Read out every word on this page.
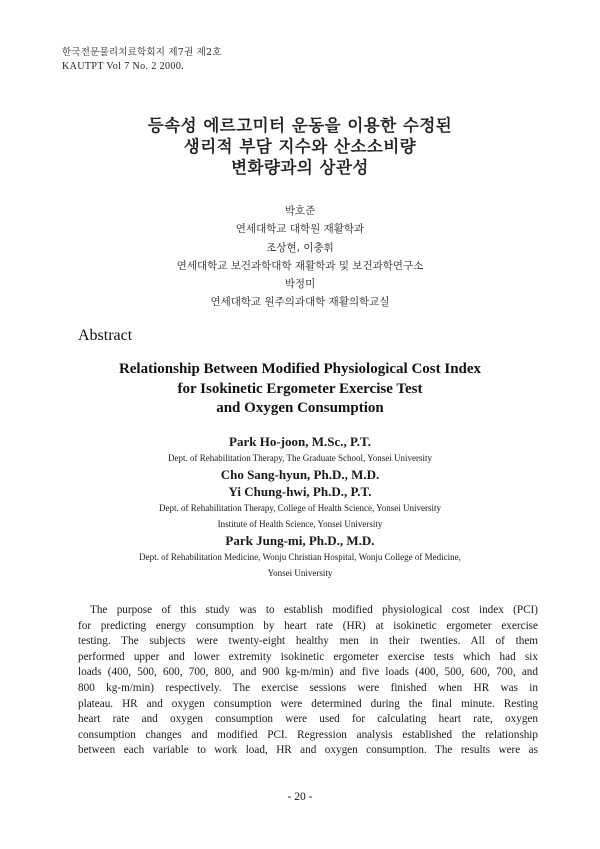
한국전문물리치료학회지 제7권 제2호
KAUTPT Vol 7 No. 2 2000.
등속성 에르고미터 운동을 이용한 수정된
생리적 부담 지수와 산소소비량
변화량과의 상관성
박호준
연세대학교 대학원 재활학과
조상현, 이충휘
연세대학교 보건과학대학 재활학과 및 보건과학연구소
박정미
연세대학교 원주의과대학 재활의학교실
Abstract
Relationship Between Modified Physiological Cost Index
for Isokinetic Ergometer Exercise Test
and Oxygen Consumption
Park Ho-joon, M.Sc., P.T.
Dept. of Rehabilitation Therapy, The Graduate School, Yonsei University
Cho Sang-hyun, Ph.D., M.D.
Yi Chung-hwi, Ph.D., P.T.
Dept. of Rehabilitation Therapy, College of Health Science, Yonsei University
Institute of Health Science, Yonsei University
Park Jung-mi, Ph.D., M.D.
Dept. of Rehabilitation Medicine, Wonju Christian Hospital, Wonju College of Medicine,
Yonsei University
The purpose of this study was to establish modified physiological cost index (PCI)
for predicting energy consumption by heart rate (HR) at isokinetic ergometer exercise
testing. The subjects were twenty-eight healthy men in their twenties. All of them
performed upper and lower extremity isokinetic ergometer exercise tests which had six
loads (400, 500, 600, 700, 800, and 900 kg-m/min) and five loads (400, 500, 600, 700, and
800 kg-m/min) respectively. The exercise sessions were finished when HR was in
plateau. HR and oxygen consumption were determined during the final minute. Resting
heart rate and oxygen consumption were used for calculating heart rate, oxygen
consumption changes and modified PCI. Regression analysis established the relationship
between each variable to work load, HR and oxygen consumption. The results were as
- 20 -
